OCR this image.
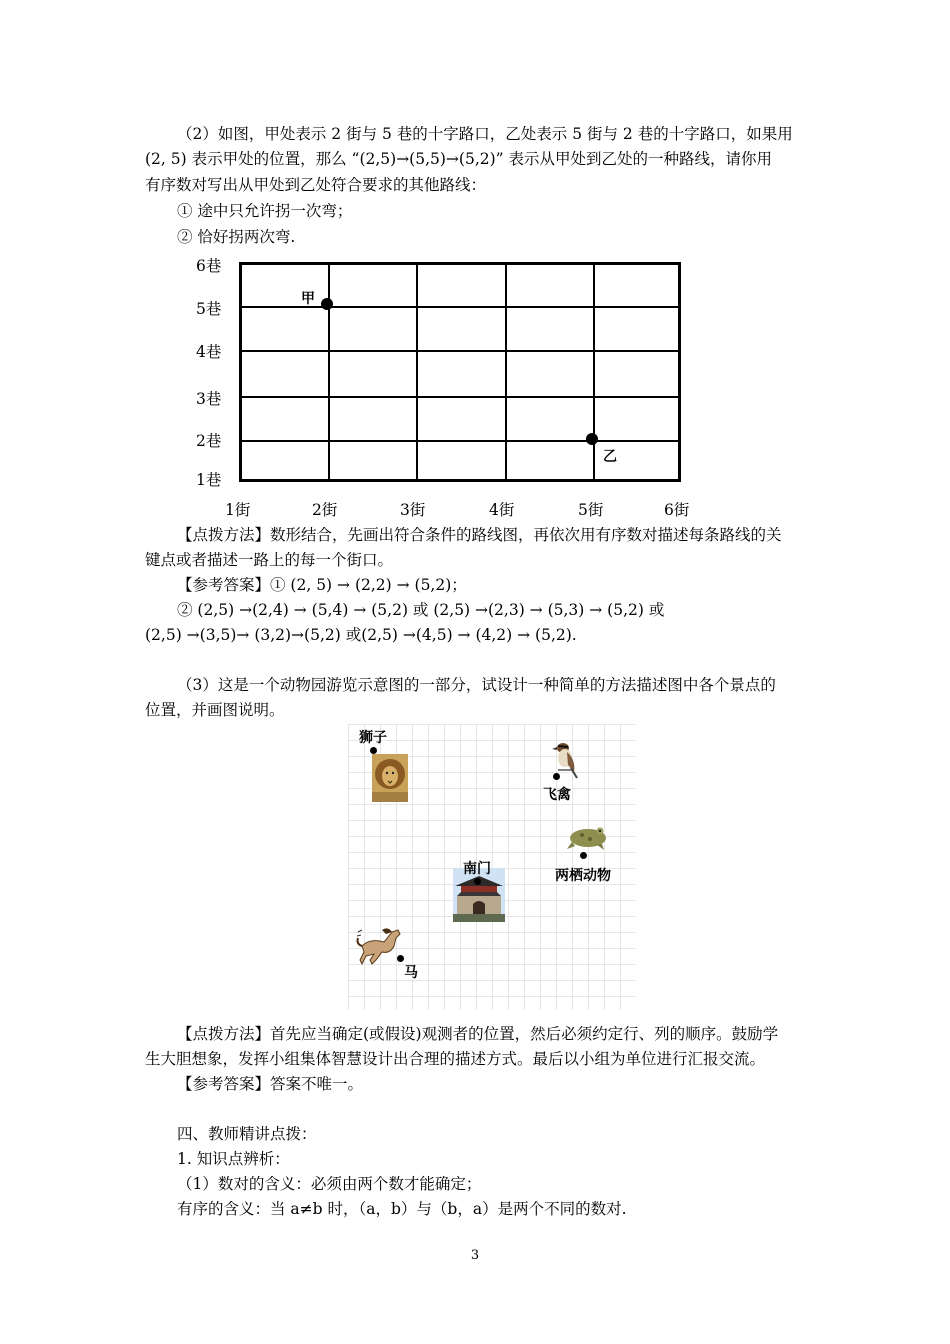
（2）如图，甲处表示 2 街与 5 巷的十字路口，乙处表示 5 街与 2 巷的十字路口，如果用
(2, 5) 表示甲处的位置，那么 “(2,5)→(5,5)→(5,2)” 表示从甲处到乙处的一种路线，请你用
有序数对写出从甲处到乙处符合要求的其他路线：
① 途中只允许拐一次弯；
② 恰好拐两次弯.
6巷
5巷
4巷
3巷
2巷
1巷
甲
乙
1街	2街	3街	4街	5街	6街
【点拨方法】数形结合，先画出符合条件的路线图，再依次用有序数对描述每条路线的关
键点或者描述一路上的每一个街口。
【参考答案】① (2, 5) → (2,2) → (5,2)；
② (2,5) →(2,4) → (5,4) → (5,2) 或 (2,5) →(2,3) → (5,3) → (5,2) 或
(2,5) →(3,5)→ (3,2)→(5,2) 或(2,5) →(4,5) → (4,2) → (5,2).
（3）这是一个动物园游览示意图的一部分，试设计一种简单的方法描述图中各个景点的
位置，并画图说明。
狮子
飞禽
两栖动物
南门
马
【点拨方法】首先应当确定(或假设)观测者的位置，然后必须约定行、列的顺序。鼓励学
生大胆想象，发挥小组集体智慧设计出合理的描述方式。最后以小组为单位进行汇报交流。
【参考答案】答案不唯一。
四、教师精讲点拨：
1. 知识点辨析：
（1）数对的含义：必须由两个数才能确定；
有序的含义：当 a≠b 时，（a，b）与（b，a）是两个不同的数对.
3
